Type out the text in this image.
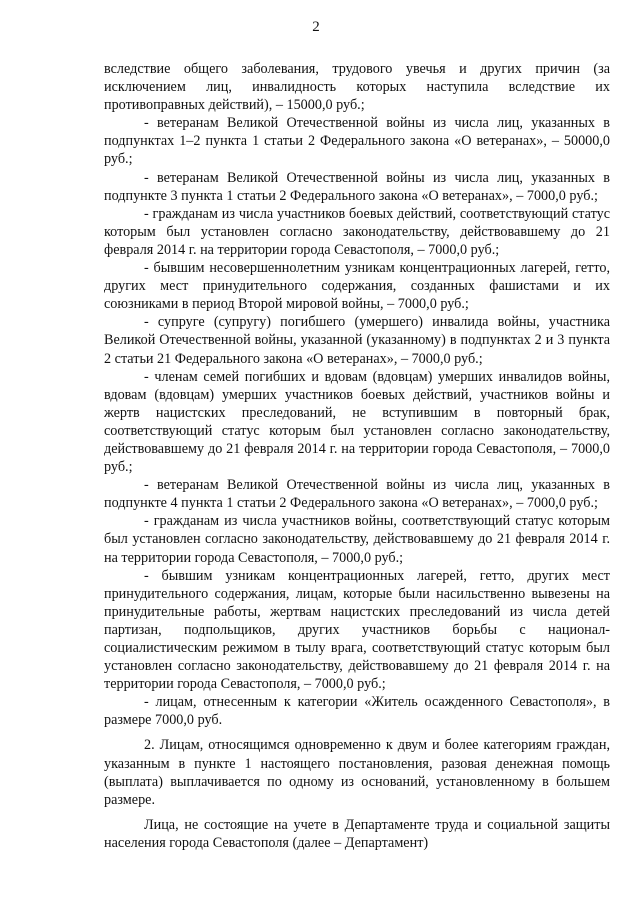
2

вследствие общего заболевания, трудового увечья и других причин (за исключением лиц, инвалидность которых наступила вследствие их противоправных действий), – 15000,0 руб.;

- ветеранам Великой Отечественной войны из числа лиц, указанных в подпунктах 1–2 пункта 1 статьи 2 Федерального закона «О ветеранах», – 50000,0 руб.;

- ветеранам Великой Отечественной войны из числа лиц, указанных в подпункте 3 пункта 1 статьи 2 Федерального закона «О ветеранах», – 7000,0 руб.;

- гражданам из числа участников боевых действий, соответствующий статус которым был установлен согласно законодательству, действовавшему до 21 февраля 2014 г. на территории города Севастополя, – 7000,0 руб.;

- бывшим несовершеннолетним узникам концентрационных лагерей, гетто, других мест принудительного содержания, созданных фашистами и их союзниками в период Второй мировой войны, – 7000,0 руб.;

- супруге (супругу) погибшего (умершего) инвалида войны, участника Великой Отечественной войны, указанной (указанному) в подпунктах 2 и 3 пункта 2 статьи 21 Федерального закона «О ветеранах», – 7000,0 руб.;

- членам семей погибших и вдовам (вдовцам) умерших инвалидов войны, вдовам (вдовцам) умерших участников боевых действий, участников войны и жертв нацистских преследований, не вступившим в повторный брак, соответствующий статус которым был установлен согласно законодательству, действовавшему до 21 февраля 2014 г. на территории города Севастополя, – 7000,0 руб.;

- ветеранам Великой Отечественной войны из числа лиц, указанных в подпункте 4 пункта 1 статьи 2 Федерального закона «О ветеранах», – 7000,0 руб.;

- гражданам из числа участников войны, соответствующий статус которым был установлен согласно законодательству, действовавшему до 21 февраля 2014 г. на территории города Севастополя, – 7000,0 руб.;

- бывшим узникам концентрационных лагерей, гетто, других мест принудительного содержания, лицам, которые были насильственно вывезены на принудительные работы, жертвам нацистских преследований из числа детей партизан, подпольщиков, других участников борьбы с национал-социалистическим режимом в тылу врага, соответствующий статус которым был установлен согласно законодательству, действовавшему до 21 февраля 2014 г. на территории города Севастополя, – 7000,0 руб.;

- лицам, отнесенным к категории «Житель осажденного Севастополя», в размере 7000,0 руб.

2. Лицам, относящимся одновременно к двум и более категориям граждан, указанным в пункте 1 настоящего постановления, разовая денежная помощь (выплата) выплачивается по одному из оснований, установленному в большем размере.

Лица, не состоящие на учете в Департаменте труда и социальной защиты населения города Севастополя (далее – Департамент)
